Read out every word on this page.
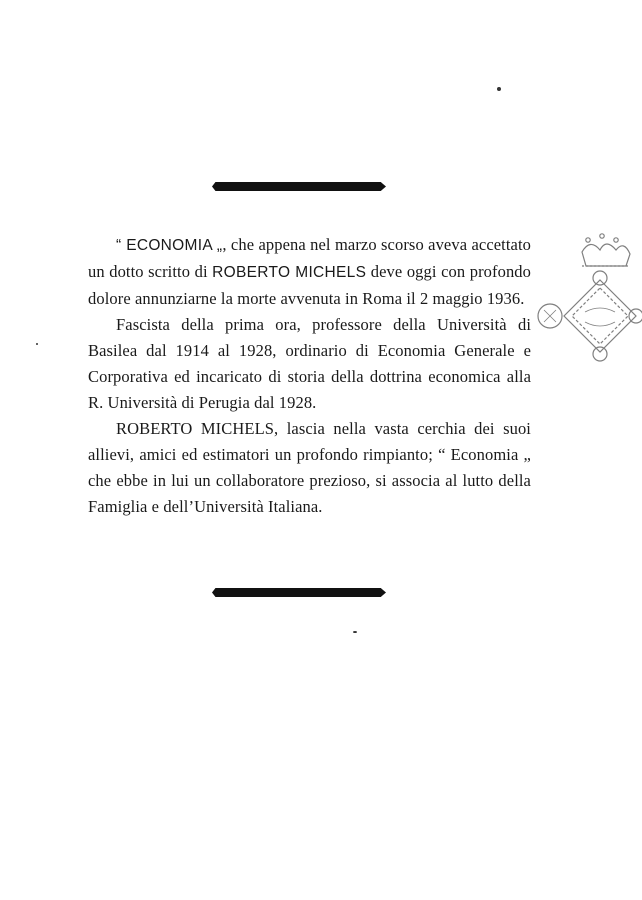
“ ECONOMIA „, che appena nel marzo scorso aveva accettato un dotto scritto di ROBERTO MICHELS deve oggi con profondo dolore annunziarne la morte avvenuta in Roma il 2 maggio 1936.

Fascista della prima ora, professore della Università di Basilea dal 1914 al 1928, ordinario di Economia Generale e Corporativa ed incaricato di storia della dottrina economica alla R. Università di Perugia dal 1928.

ROBERTO MICHELS, lascia nella vasta cerchia dei suoi allievi, amici ed estimatori un profondo rimpianto; “ Economia „ che ebbe in lui un collaboratore prezioso, si associa al lutto della Famiglia e dell’Università Italiana.
